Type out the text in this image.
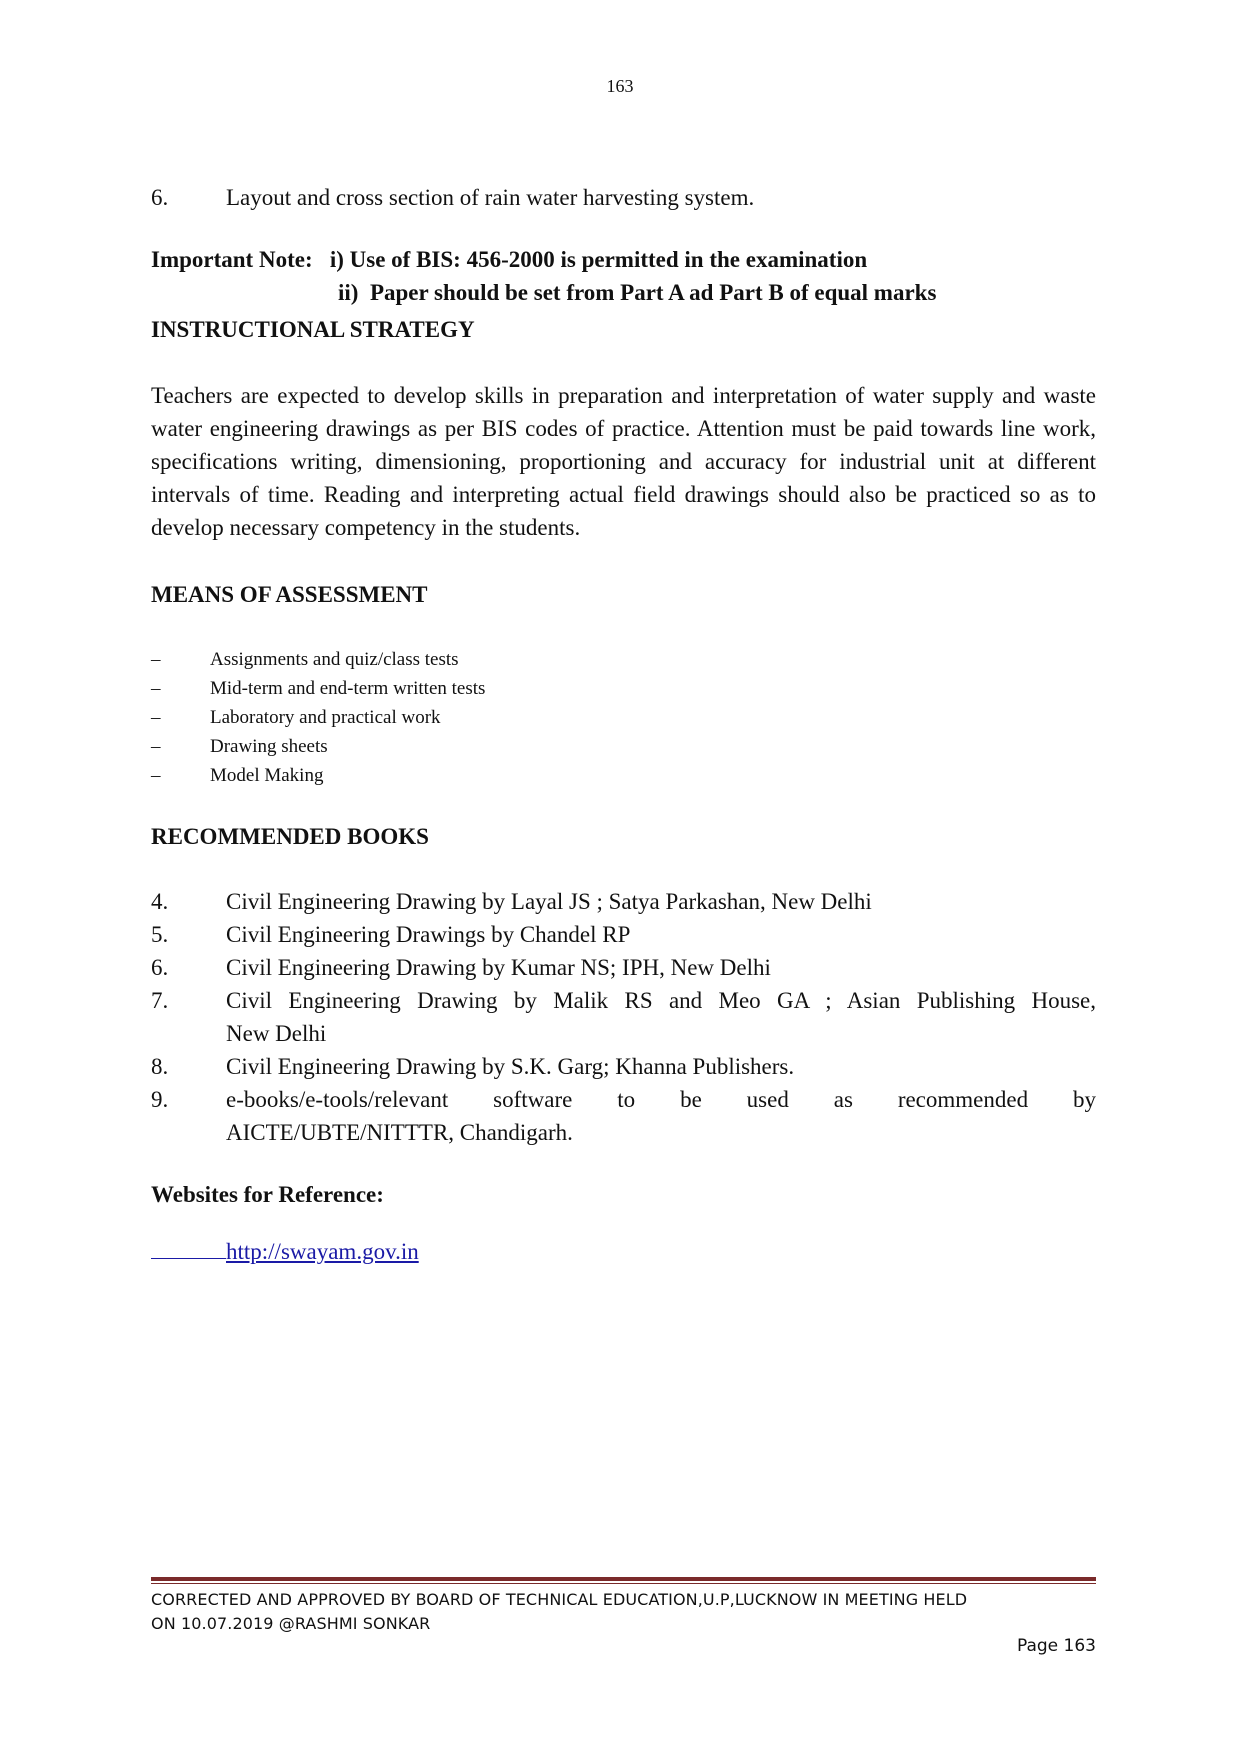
163
6.	Layout and cross section of rain water harvesting system.
Important Note: i) Use of BIS: 456-2000 is permitted in the examination
ii)  Paper should be set from Part A ad Part B of equal marks
INSTRUCTIONAL STRATEGY
Teachers are expected to develop skills in preparation and interpretation of water supply and waste water engineering drawings as per BIS codes of practice. Attention must be paid towards line work, specifications writing, dimensioning, proportioning and accuracy for industrial unit at different intervals of time. Reading and interpreting actual field drawings should also be practiced so as to develop necessary competency in the students.
MEANS OF ASSESSMENT
–	Assignments and quiz/class tests
–	Mid-term and end-term written tests
–	Laboratory and practical work
–	Drawing sheets
–	Model Making
RECOMMENDED BOOKS
4.	Civil Engineering Drawing by Layal JS ; Satya Parkashan, New Delhi
5.	Civil Engineering Drawings by Chandel RP
6.	Civil Engineering Drawing by Kumar NS; IPH, New Delhi
7.	Civil Engineering Drawing by Malik RS and Meo GA ; Asian Publishing House,
New Delhi
8.	Civil Engineering Drawing by S.K. Garg; Khanna Publishers.
9.	e-books/e-tools/relevant software to be used as recommended by
AICTE/UBTE/NITTTR, Chandigarh.
Websites for Reference:
http://swayam.gov.in
CORRECTED AND APPROVED BY BOARD OF TECHNICAL EDUCATION,U.P,LUCKNOW IN MEETING HELD
ON 10.07.2019 @RASHMI SONKAR
Page 163
